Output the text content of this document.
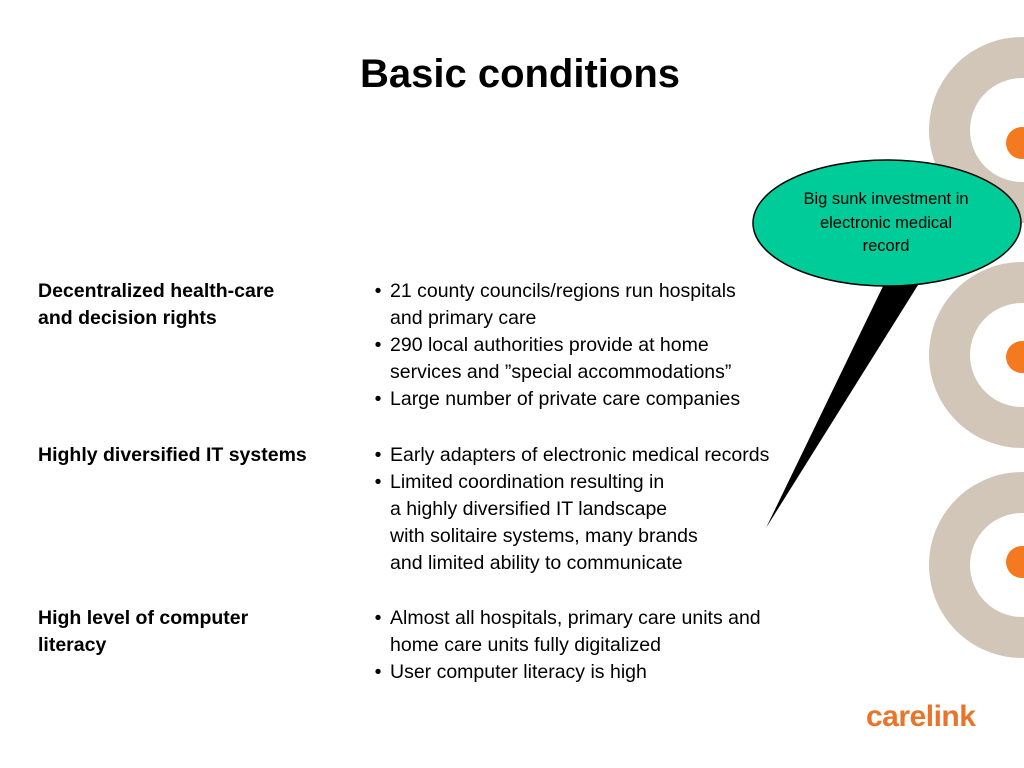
Basic conditions
Big sunk investment in
electronic medical
record
Decentralized health-care
and decision rights
• 21 county councils/regions run hospitals
and primary care
• 290 local authorities provide at home
services and ”special accommodations”
• Large number of private care companies
Highly diversified IT systems	• Early adapters of electronic medical records
• Limited coordination resulting in
a highly diversified IT landscape
with solitaire systems, many brands
and limited ability to communicate
High level of computer
literacy
• Almost all hospitals, primary care units and
home care units fully digitalized
• User computer literacy is high
carelink
